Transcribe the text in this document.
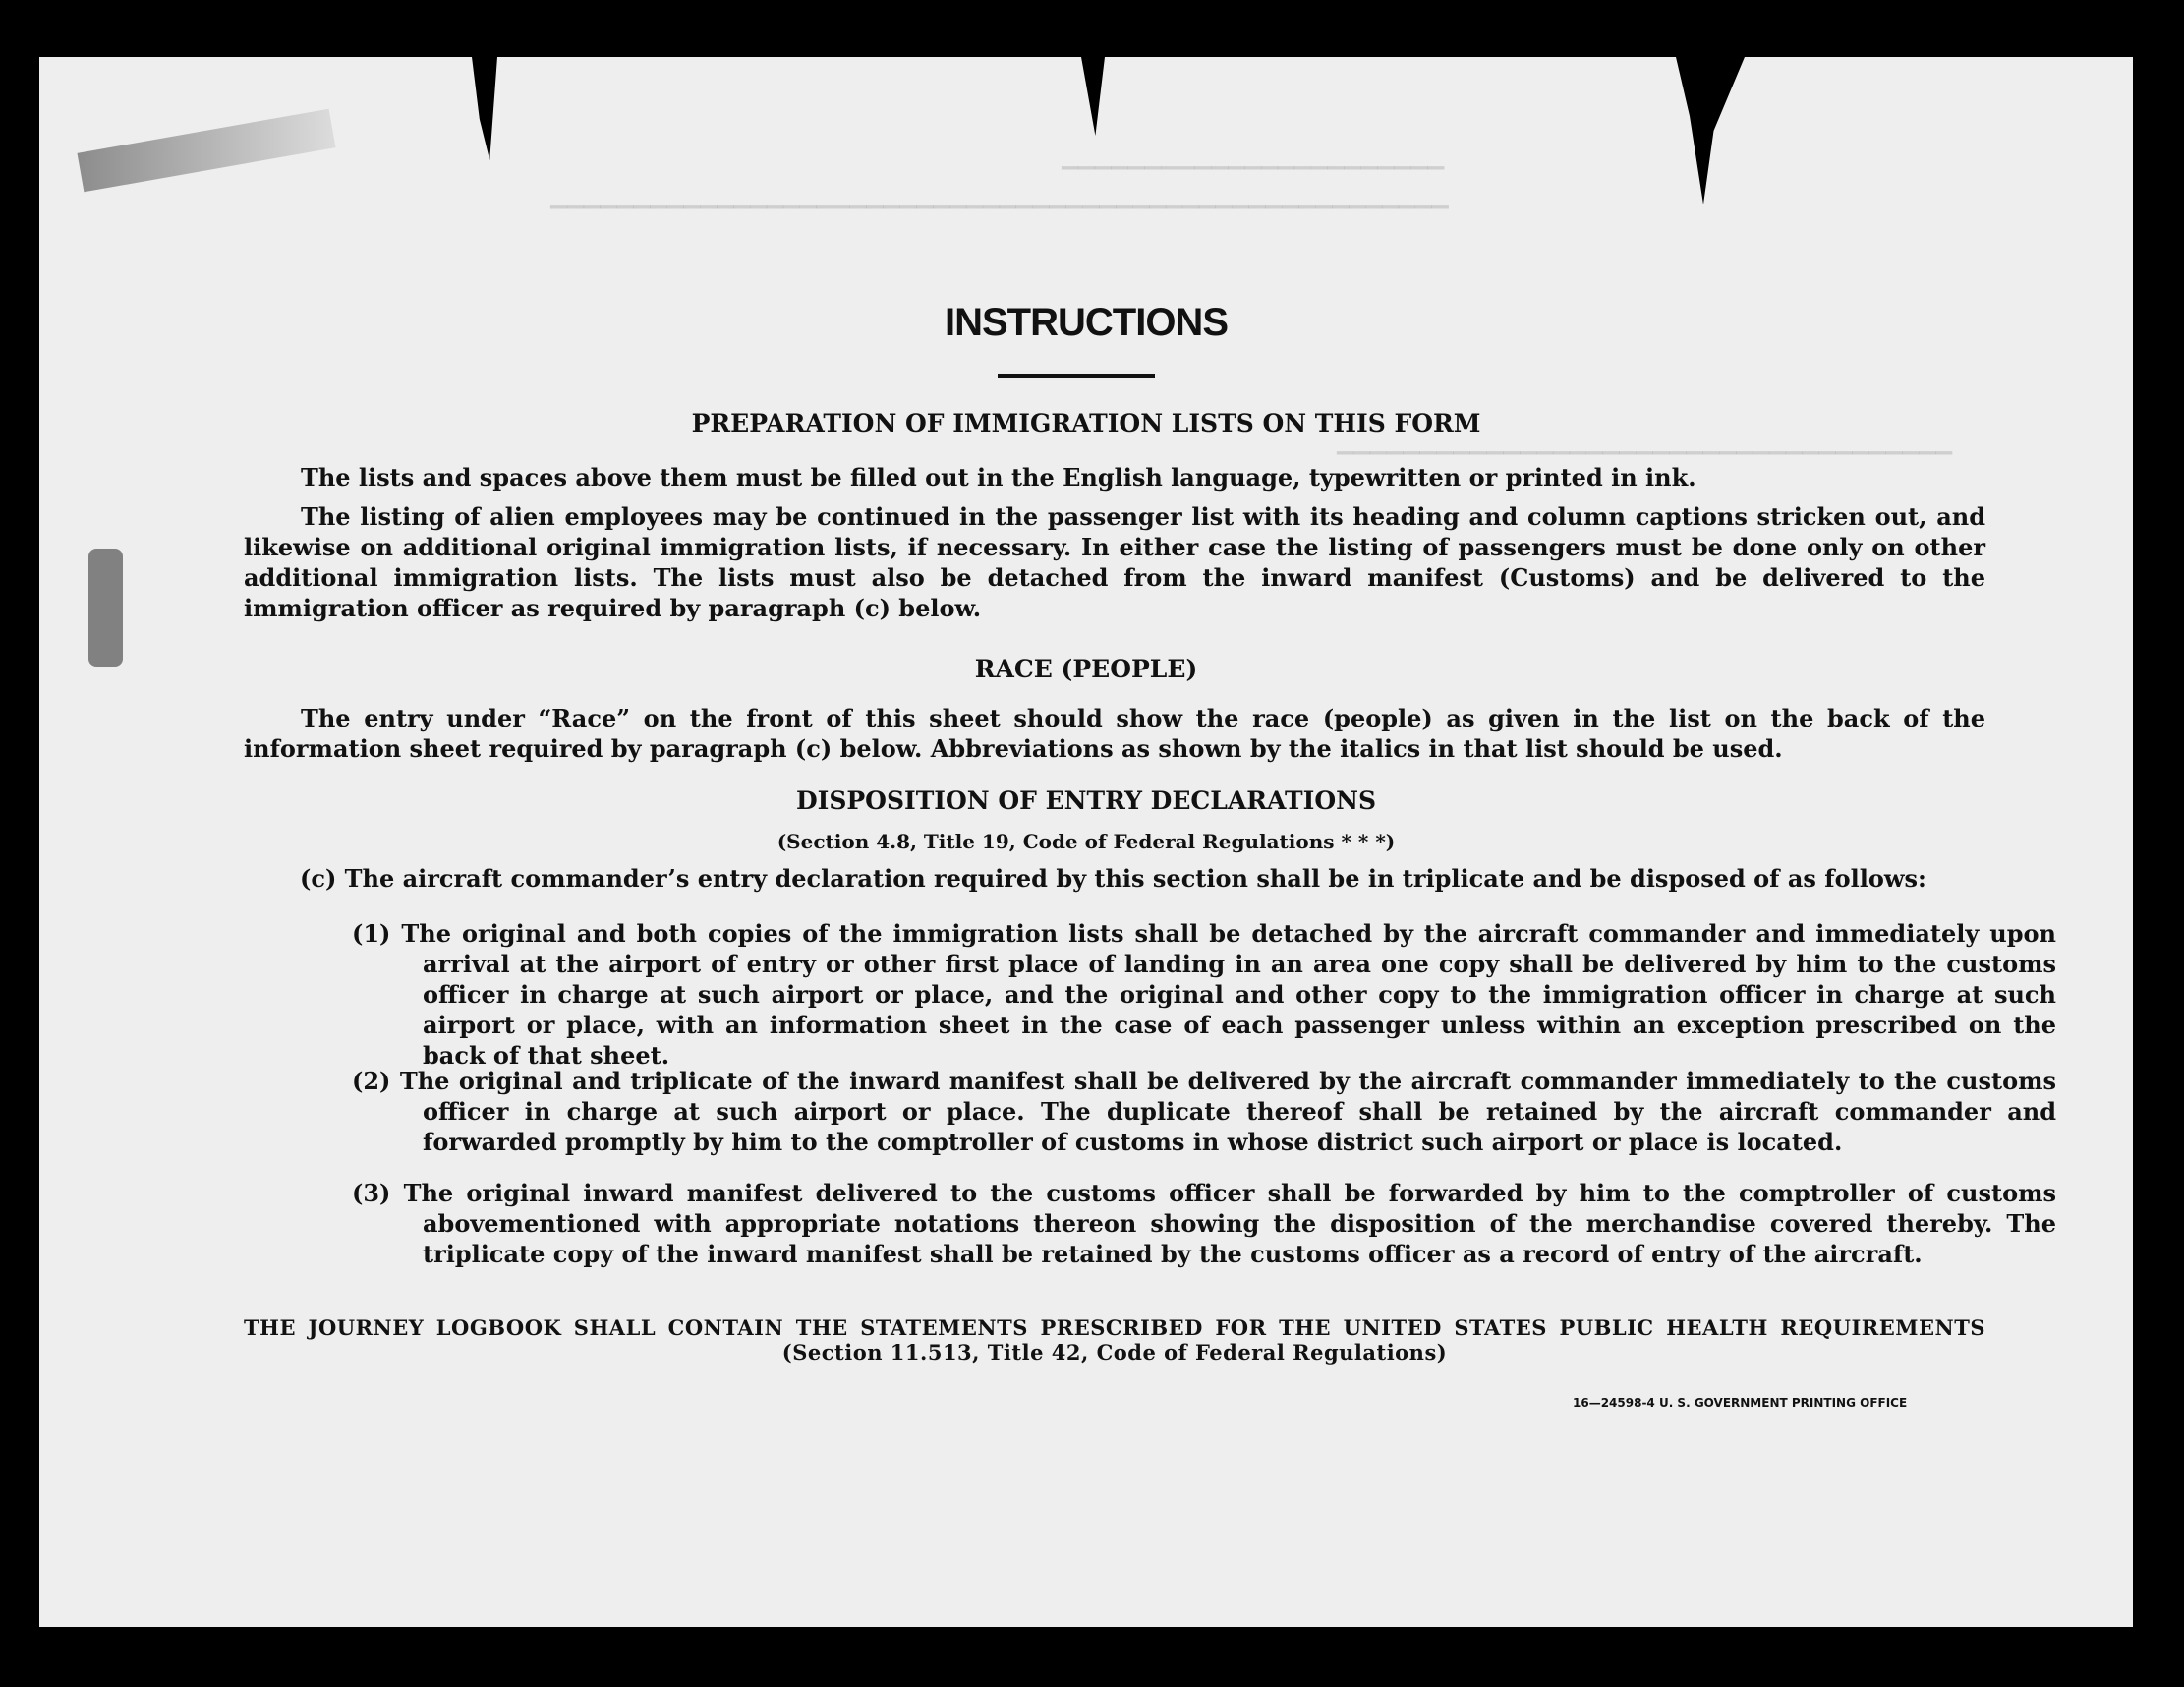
▁▁▁▁▁▁▁▁▁▁▁▁▁▁▁▁▁▁▁▁▁▁▁
▁▁▁▁▁▁▁▁▁▁▁▁▁▁▁▁▁▁▁▁▁▁▁▁▁▁▁▁▁▁▁▁▁▁▁▁▁▁▁▁▁▁▁▁▁▁▁▁▁▁▁▁▁▁
▁▁▁▁▁▁▁▁▁▁▁▁▁▁▁▁▁▁▁▁▁▁▁▁▁▁▁▁▁▁▁▁▁▁▁▁▁
INSTRUCTIONS
PREPARATION OF IMMIGRATION LISTS ON THIS FORM
The lists and spaces above them must be filled out in the English language, typewritten or printed in ink.
The listing of alien employees may be continued in the passenger list with its heading and column captions stricken out, and likewise on additional original immigration lists, if necessary. In either case the listing of passengers must be done only on other additional immigration lists. The lists must also be detached from the inward manifest (Customs) and be delivered to the immigration officer as required by paragraph (c) below.
RACE (PEOPLE)
The entry under “Race” on the front of this sheet should show the race (people) as given in the list on the back of the information sheet required by paragraph (c) below. Abbreviations as shown by the italics in that list should be used.
DISPOSITION OF ENTRY DECLARATIONS
(Section 4.8, Title 19, Code of Federal Regulations * * *)
(c) The aircraft commander’s entry declaration required by this section shall be in triplicate and be disposed of as follows:
(1) The original and both copies of the immigration lists shall be detached by the aircraft commander and immediately upon arrival at the airport of entry or other first place of landing in an area one copy shall be delivered by him to the customs officer in charge at such airport or place, and the original and other copy to the immigration officer in charge at such airport or place, with an information sheet in the case of each passenger unless within an exception prescribed on the back of that sheet.
(2) The original and triplicate of the inward manifest shall be delivered by the aircraft commander immediately to the customs officer in charge at such airport or place. The duplicate thereof shall be retained by the aircraft commander and forwarded promptly by him to the comptroller of customs in whose district such airport or place is located.
(3) The original inward manifest delivered to the customs officer shall be forwarded by him to the comptroller of customs abovementioned with appropriate notations thereon showing the disposition of the merchandise covered thereby. The triplicate copy of the inward manifest shall be retained by the customs officer as a record of entry of the aircraft.
THE JOURNEY LOGBOOK SHALL CONTAIN THE STATEMENTS PRESCRIBED FOR THE UNITED STATES PUBLIC HEALTH REQUIREMENTS
(Section 11.513, Title 42, Code of Federal Regulations)
16—24598-4 U. S. GOVERNMENT PRINTING OFFICE
